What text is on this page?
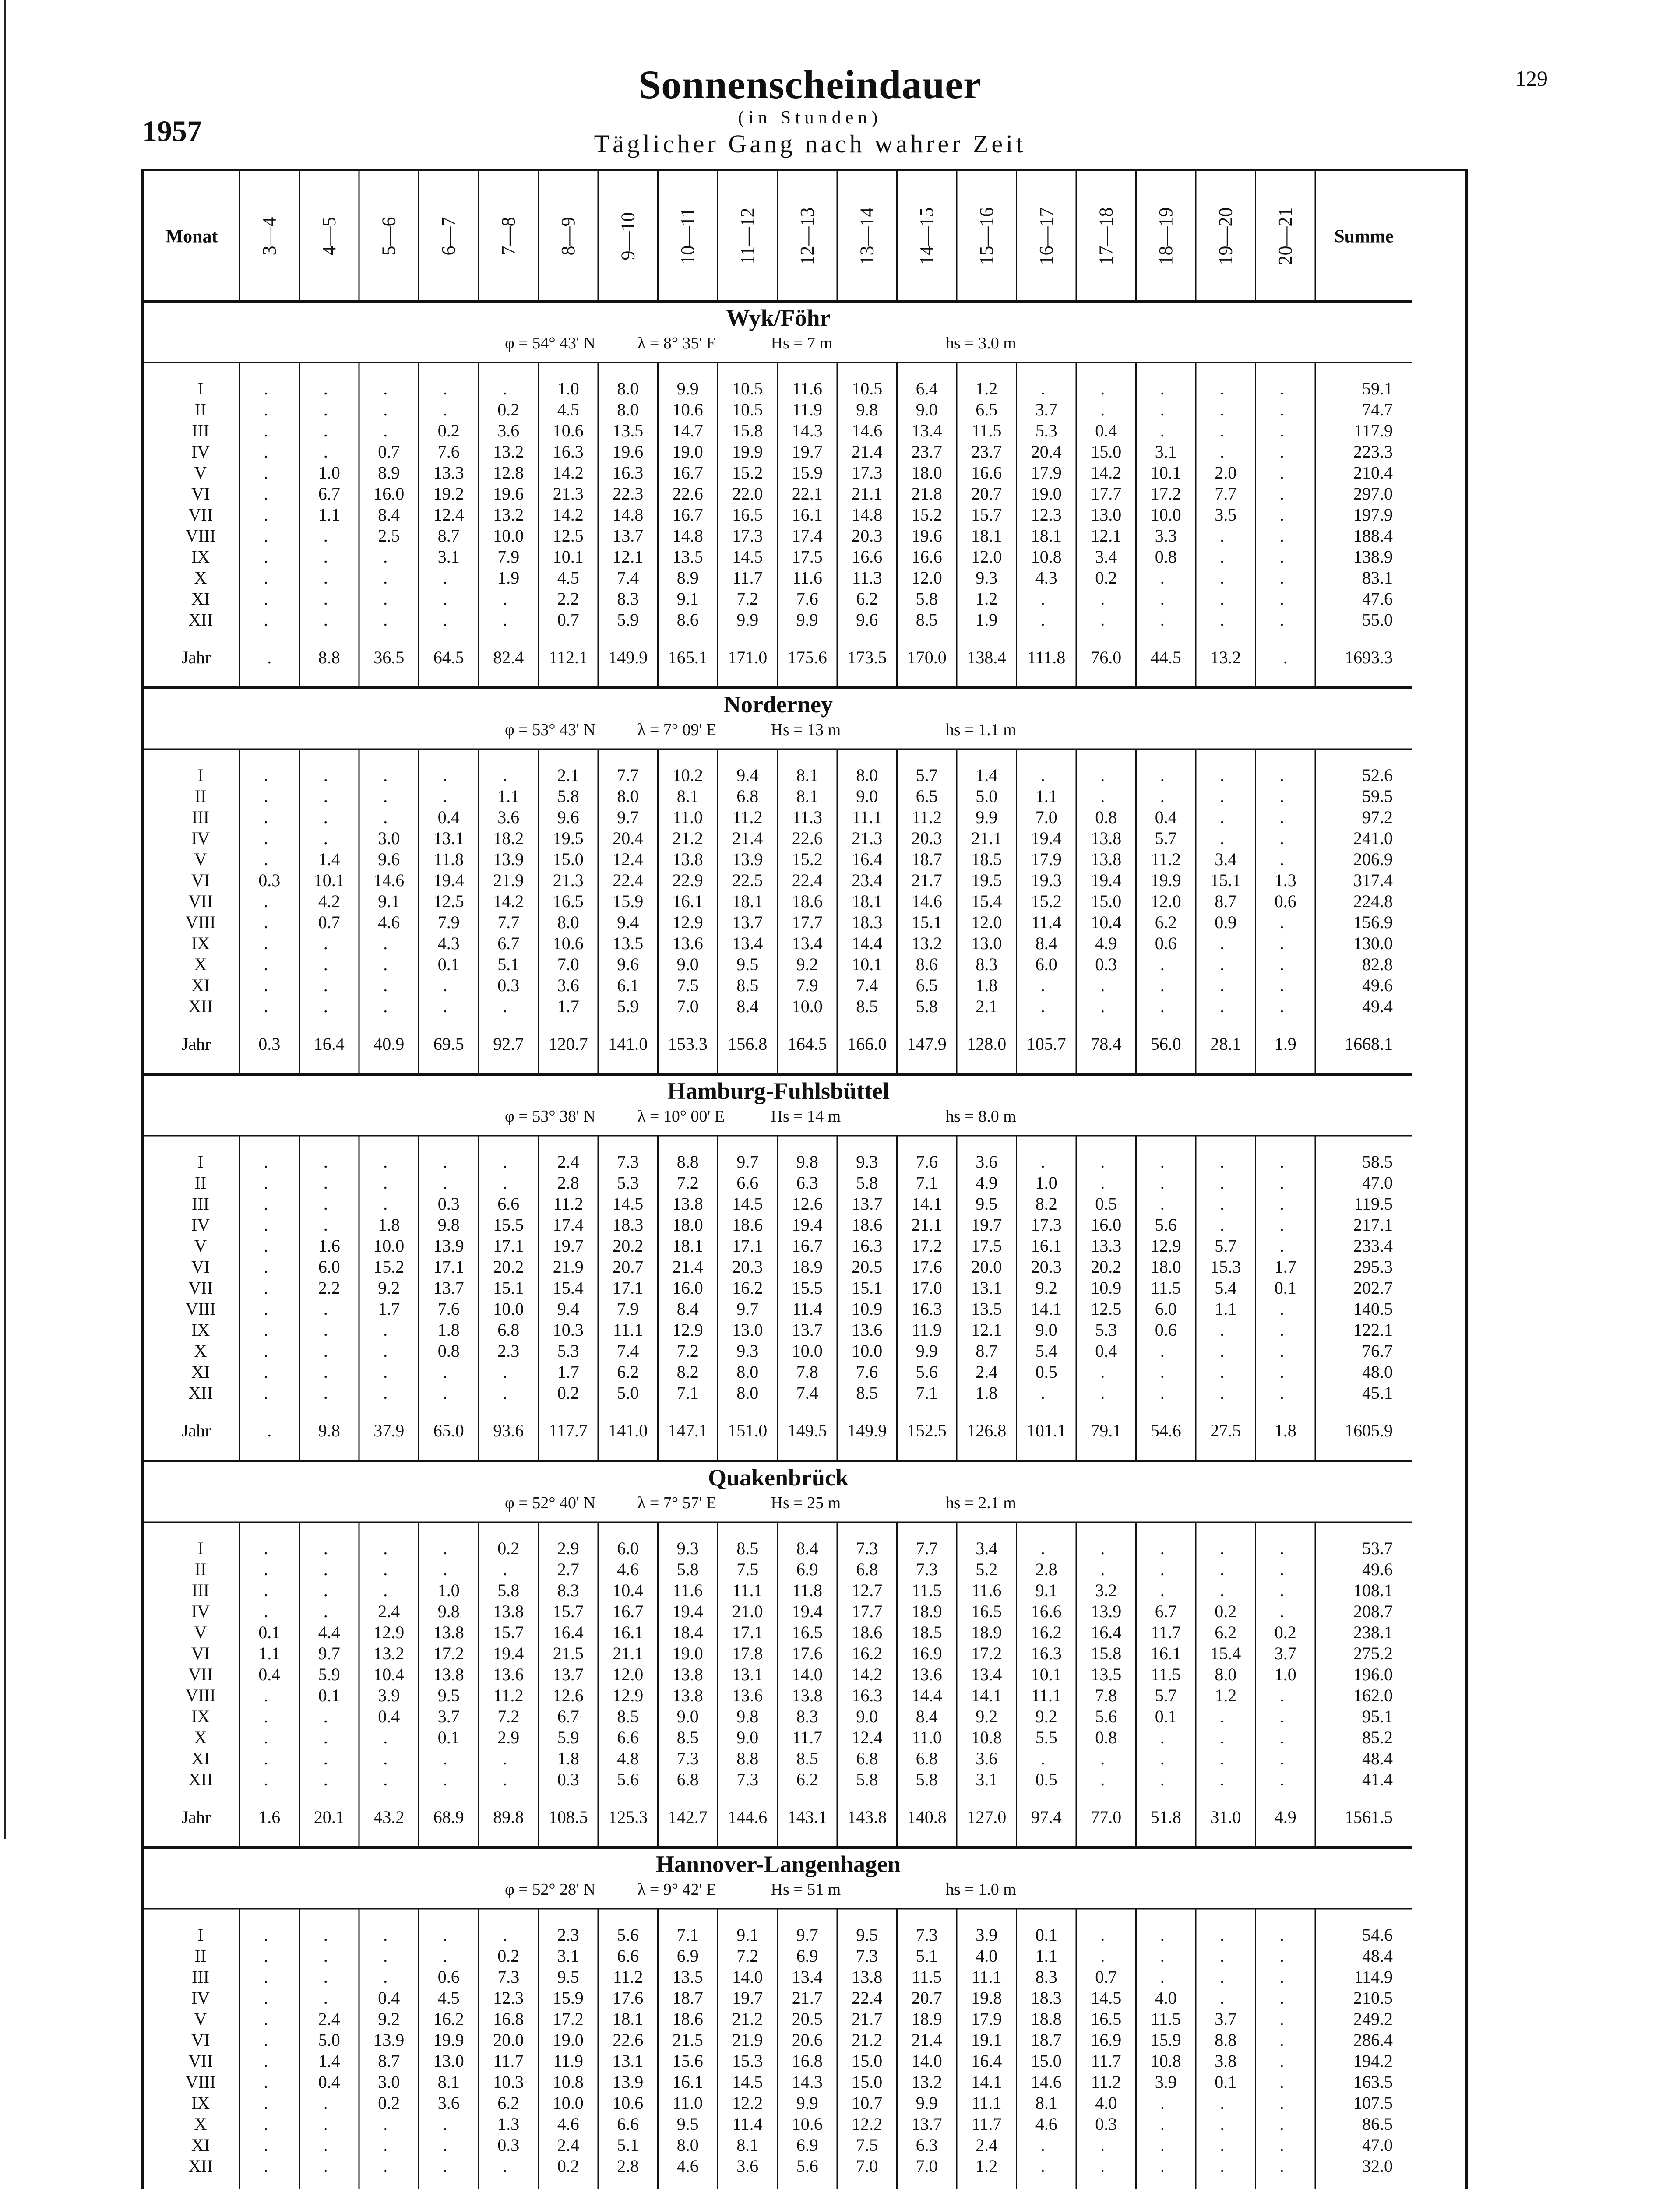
1957
129
Sonnenscheindauer
(in Stunden)
Täglicher Gang nach wahrer Zeit
Monat	Summe
3—4 4—5 5—6 6—7 7—8 8—9 9—10 10—11 11—12 12—13 13—14 14—15 15—16 16—17 17—18 18—19 19—20 20—21
Wyk/Föhr
φ = 54° 43' N	λ = 8° 35' E	Hs = 7 m	hs = 3.0 m
I	.	.	.	.	.	1.0 8.0 9.9 10.5 11.6 10.5 6.4 1.2 .	.	.	.	.	59.1
II	.	.	.	.	0.2 4.5 8.0 10.6 10.5 11.9 9.8 9.0 6.5 3.7 .	.	.	.	74.7
III	.	.	.	0.2 3.6 10.6 13.5 14.7 15.8 14.3 14.6 13.4 11.5 5.3 0.4 .	.	.	117.9
IV	.	.	0.7 7.6 13.2 16.3 19.6 19.0 19.9 19.7 21.4 23.7 23.7 20.4 15.0 3.1 .	.	223.3
V	.	1.0 8.9 13.3 12.8 14.2 16.3 16.7 15.2 15.9 17.3 18.0 16.6 17.9 14.2 10.1 2.0 .	210.4
VI	.	6.7 16.0 19.2 19.6 21.3 22.3 22.6 22.0 22.1 21.1 21.8 20.7 19.0 17.7 17.2 7.7 .	297.0
VII	.	1.1 8.4 12.4 13.2 14.2 14.8 16.7 16.5 16.1 14.8 15.2 15.7 12.3 13.0 10.0 3.5 .	197.9
VIII	.	.	2.5 8.7 10.0 12.5 13.7 14.8 17.3 17.4 20.3 19.6 18.1 18.1 12.1 3.3 .	.	188.4
IX	.	.	.	3.1 7.9 10.1 12.1 13.5 14.5 17.5 16.6 16.6 12.0 10.8 3.4 0.8 .	.	138.9
X	.	.	.	.	1.9 4.5 7.4 8.9 11.7 11.6 11.3 12.0 9.3 4.3 0.2 .	.	.	83.1
XI	.	.	.	.	.	2.2 8.3 9.1 7.2 7.6 6.2 5.8 1.2 .	.	.	.	.	47.6
XII	.	.	.	.	.	0.7 5.9 8.6 9.9 9.9 9.6 8.5 1.9 .	.	.	.	.	55.0
Jahr	.	8.8 36.5 64.5 82.4 112.1 149.9 165.1 171.0 175.6 173.5 170.0 138.4 111.8 76.0 44.5 13.2 .	1693.3
Norderney
φ = 53° 43' N	λ = 7° 09' E	Hs = 13 m	hs = 1.1 m
I	.	.	.	.	.	2.1 7.7 10.2 9.4 8.1 8.0 5.7 1.4 .	.	.	.	.	52.6
II	.	.	.	.	1.1 5.8 8.0 8.1 6.8 8.1 9.0 6.5 5.0 1.1 .	.	.	.	59.5
III	.	.	.	0.4 3.6 9.6 9.7 11.0 11.2 11.3 11.1 11.2 9.9 7.0 0.8 0.4 .	.	97.2
IV	.	.	3.0 13.1 18.2 19.5 20.4 21.2 21.4 22.6 21.3 20.3 21.1 19.4 13.8 5.7 .	.	241.0
V	.	1.4 9.6 11.8 13.9 15.0 12.4 13.8 13.9 15.2 16.4 18.7 18.5 17.9 13.8 11.2 3.4 .	206.9
VI	0.3 10.1 14.6 19.4 21.9 21.3 22.4 22.9 22.5 22.4 23.4 21.7 19.5 19.3 19.4 19.9 15.1 1.3	317.4
VII	.	4.2 9.1 12.5 14.2 16.5 15.9 16.1 18.1 18.6 18.1 14.6 15.4 15.2 15.0 12.0 8.7 0.6	224.8
VIII	.	0.7 4.6 7.9 7.7 8.0 9.4 12.9 13.7 17.7 18.3 15.1 12.0 11.4 10.4 6.2 0.9 .	156.9
IX	.	.	.	4.3 6.7 10.6 13.5 13.6 13.4 13.4 14.4 13.2 13.0 8.4 4.9 0.6 .	.	130.0
X	.	.	.	0.1 5.1 7.0 9.6 9.0 9.5 9.2 10.1 8.6 8.3 6.0 0.3 .	.	.	82.8
XI	.	.	.	.	0.3 3.6 6.1 7.5 8.5 7.9 7.4 6.5 1.8 .	.	.	.	.	49.6
XII	.	.	.	.	.	1.7 5.9 7.0 8.4 10.0 8.5 5.8 2.1 .	.	.	.	.	49.4
Jahr	0.3 16.4 40.9 69.5 92.7 120.7 141.0 153.3 156.8 164.5 166.0 147.9 128.0 105.7 78.4 56.0 28.1 1.9	1668.1
Hamburg-Fuhlsbüttel
φ = 53° 38' N	λ = 10° 00' E	Hs = 14 m	hs = 8.0 m
I	.	.	.	.	.	2.4 7.3 8.8 9.7 9.8 9.3 7.6 3.6 .	.	.	.	.	58.5
II	.	.	.	.	.	2.8 5.3 7.2 6.6 6.3 5.8 7.1 4.9 1.0 .	.	.	.	47.0
III	.	.	.	0.3 6.6 11.2 14.5 13.8 14.5 12.6 13.7 14.1 9.5 8.2 0.5 .	.	.	119.5
IV	.	.	1.8 9.8 15.5 17.4 18.3 18.0 18.6 19.4 18.6 21.1 19.7 17.3 16.0 5.6 .	.	217.1
V	.	1.6 10.0 13.9 17.1 19.7 20.2 18.1 17.1 16.7 16.3 17.2 17.5 16.1 13.3 12.9 5.7 .	233.4
VI	.	6.0 15.2 17.1 20.2 21.9 20.7 21.4 20.3 18.9 20.5 17.6 20.0 20.3 20.2 18.0 15.3 1.7	295.3
VII	.	2.2 9.2 13.7 15.1 15.4 17.1 16.0 16.2 15.5 15.1 17.0 13.1 9.2 10.9 11.5 5.4 0.1	202.7
VIII	.	.	1.7 7.6 10.0 9.4 7.9 8.4 9.7 11.4 10.9 16.3 13.5 14.1 12.5 6.0 1.1 .	140.5
IX	.	.	.	1.8 6.8 10.3 11.1 12.9 13.0 13.7 13.6 11.9 12.1 9.0 5.3 0.6 .	.	122.1
X	.	.	.	0.8 2.3 5.3 7.4 7.2 9.3 10.0 10.0 9.9 8.7 5.4 0.4 .	.	.	76.7
XI	.	.	.	.	.	1.7 6.2 8.2 8.0 7.8 7.6 5.6 2.4 0.5 .	.	.	.	48.0
XII	.	.	.	.	.	0.2 5.0 7.1 8.0 7.4 8.5 7.1 1.8 .	.	.	.	.	45.1
Jahr	.	9.8 37.9 65.0 93.6 117.7 141.0 147.1 151.0 149.5 149.9 152.5 126.8 101.1 79.1 54.6 27.5 1.8	1605.9
Quakenbrück
φ = 52° 40' N	λ = 7° 57' E	Hs = 25 m	hs = 2.1 m
I	.	.	.	.	0.2 2.9 6.0 9.3 8.5 8.4 7.3 7.7 3.4 .	.	.	.	.	53.7
II	.	.	.	.	.	2.7 4.6 5.8 7.5 6.9 6.8 7.3 5.2 2.8 .	.	.	.	49.6
III	.	.	.	1.0 5.8 8.3 10.4 11.6 11.1 11.8 12.7 11.5 11.6 9.1 3.2 .	.	.	108.1
IV	.	.	2.4 9.8 13.8 15.7 16.7 19.4 21.0 19.4 17.7 18.9 16.5 16.6 13.9 6.7 0.2 .	208.7
V	0.1 4.4 12.9 13.8 15.7 16.4 16.1 18.4 17.1 16.5 18.6 18.5 18.9 16.2 16.4 11.7 6.2 0.2	238.1
VI	1.1 9.7 13.2 17.2 19.4 21.5 21.1 19.0 17.8 17.6 16.2 16.9 17.2 16.3 15.8 16.1 15.4 3.7	275.2
VII	0.4 5.9 10.4 13.8 13.6 13.7 12.0 13.8 13.1 14.0 14.2 13.6 13.4 10.1 13.5 11.5 8.0 1.0	196.0
VIII	.	0.1 3.9 9.5 11.2 12.6 12.9 13.8 13.6 13.8 16.3 14.4 14.1 11.1 7.8 5.7 1.2 .	162.0
IX	.	.	0.4 3.7 7.2 6.7 8.5 9.0 9.8 8.3 9.0 8.4 9.2 9.2 5.6 0.1 .	.	95.1
X	.	.	.	0.1 2.9 5.9 6.6 8.5 9.0 11.7 12.4 11.0 10.8 5.5 0.8 .	.	.	85.2
XI	.	.	.	.	.	1.8 4.8 7.3 8.8 8.5 6.8 6.8 3.6 .	.	.	.	.	48.4
XII	.	.	.	.	.	0.3 5.6 6.8 7.3 6.2 5.8 5.8 3.1 0.5 .	.	.	.	41.4
Jahr	1.6 20.1 43.2 68.9 89.8 108.5 125.3 142.7 144.6 143.1 143.8 140.8 127.0 97.4 77.0 51.8 31.0 4.9	1561.5
Hannover-Langenhagen
φ = 52° 28' N	λ = 9° 42' E	Hs = 51 m	hs = 1.0 m
I	.	.	.	.	.	2.3 5.6 7.1 9.1 9.7 9.5 7.3 3.9 0.1 .	.	.	.	54.6
II	.	.	.	.	0.2 3.1 6.6 6.9 7.2 6.9 7.3 5.1 4.0 1.1 .	.	.	.	48.4
III	.	.	.	0.6 7.3 9.5 11.2 13.5 14.0 13.4 13.8 11.5 11.1 8.3 0.7 .	.	.	114.9
IV	.	.	0.4 4.5 12.3 15.9 17.6 18.7 19.7 21.7 22.4 20.7 19.8 18.3 14.5 4.0 .	.	210.5
V	.	2.4 9.2 16.2 16.8 17.2 18.1 18.6 21.2 20.5 21.7 18.9 17.9 18.8 16.5 11.5 3.7 .	249.2
VI	.	5.0 13.9 19.9 20.0 19.0 22.6 21.5 21.9 20.6 21.2 21.4 19.1 18.7 16.9 15.9 8.8 .	286.4
VII	.	1.4 8.7 13.0 11.7 11.9 13.1 15.6 15.3 16.8 15.0 14.0 16.4 15.0 11.7 10.8 3.8 .	194.2
VIII	.	0.4 3.0 8.1 10.3 10.8 13.9 16.1 14.5 14.3 15.0 13.2 14.1 14.6 11.2 3.9 0.1 .	163.5
IX	.	.	0.2 3.6 6.2 10.0 10.6 11.0 12.2 9.9 10.7 9.9 11.1 8.1 4.0 .	.	.	107.5
X	.	.	.	.	1.3 4.6 6.6 9.5 11.4 10.6 12.2 13.7 11.7 4.6 0.3 .	.	.	86.5
XI	.	.	.	.	0.3 2.4 5.1 8.0 8.1 6.9 7.5 6.3 2.4 .	.	.	.	.	47.0
XII	.	.	.	.	.	0.2 2.8 4.6 3.6 5.6 7.0 7.0 1.2 .	.	.	.	.	32.0
